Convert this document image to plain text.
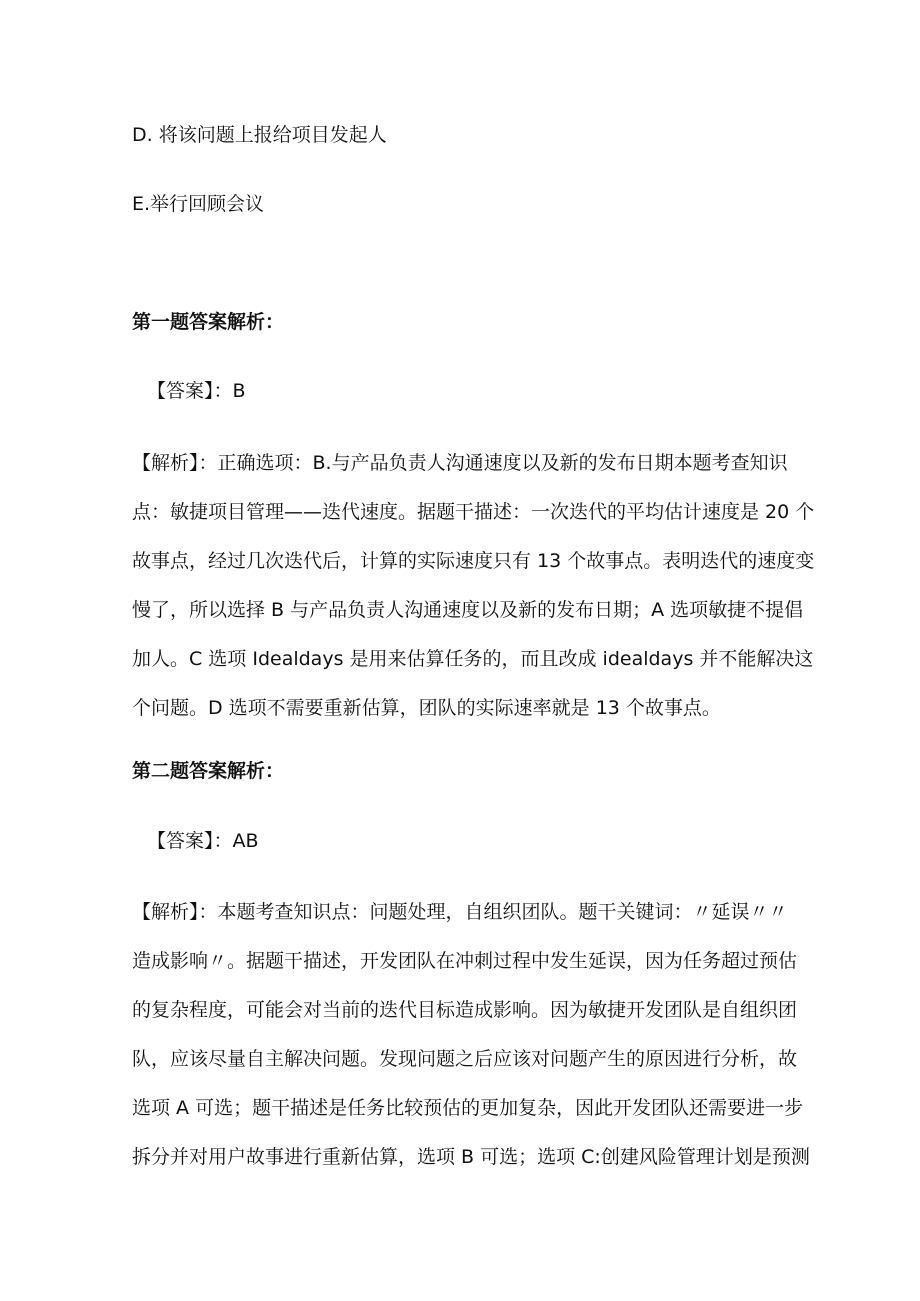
D. 将该问题上报给项目发起人

E.举行回顾会议

第一题答案解析：

【答案】：B

【解析】：正确选项：B.与产品负责人沟通速度以及新的发布日期本题考查知识
点：敏捷项目管理——迭代速度。据题干描述：一次迭代的平均估计速度是 20 个
故事点，经过几次迭代后，计算的实际速度只有 13 个故事点。表明迭代的速度变
慢了，所以选择 B 与产品负责人沟通速度以及新的发布日期；A 选项敏捷不提倡
加人。C 选项 Idealdays 是用来估算任务的，而且改成 idealdays 并不能解决这
个问题。D 选项不需要重新估算，团队的实际速率就是 13 个故事点。

第二题答案解析：

【答案】：AB

【解析】：本题考查知识点：问题处理，自组织团队。题干关键词：〃延误〃〃
造成影响〃。据题干描述，开发团队在冲刺过程中发生延误，因为任务超过预估
的复杂程度，可能会对当前的迭代目标造成影响。因为敏捷开发团队是自组织团
队，应该尽量自主解决问题。发现问题之后应该对问题产生的原因进行分析，故
选项 A 可选；题干描述是任务比较预估的更加复杂，因此开发团队还需要进一步
拆分并对用户故事进行重新估算，选项 B 可选；选项 C:创建风险管理计划是预测
